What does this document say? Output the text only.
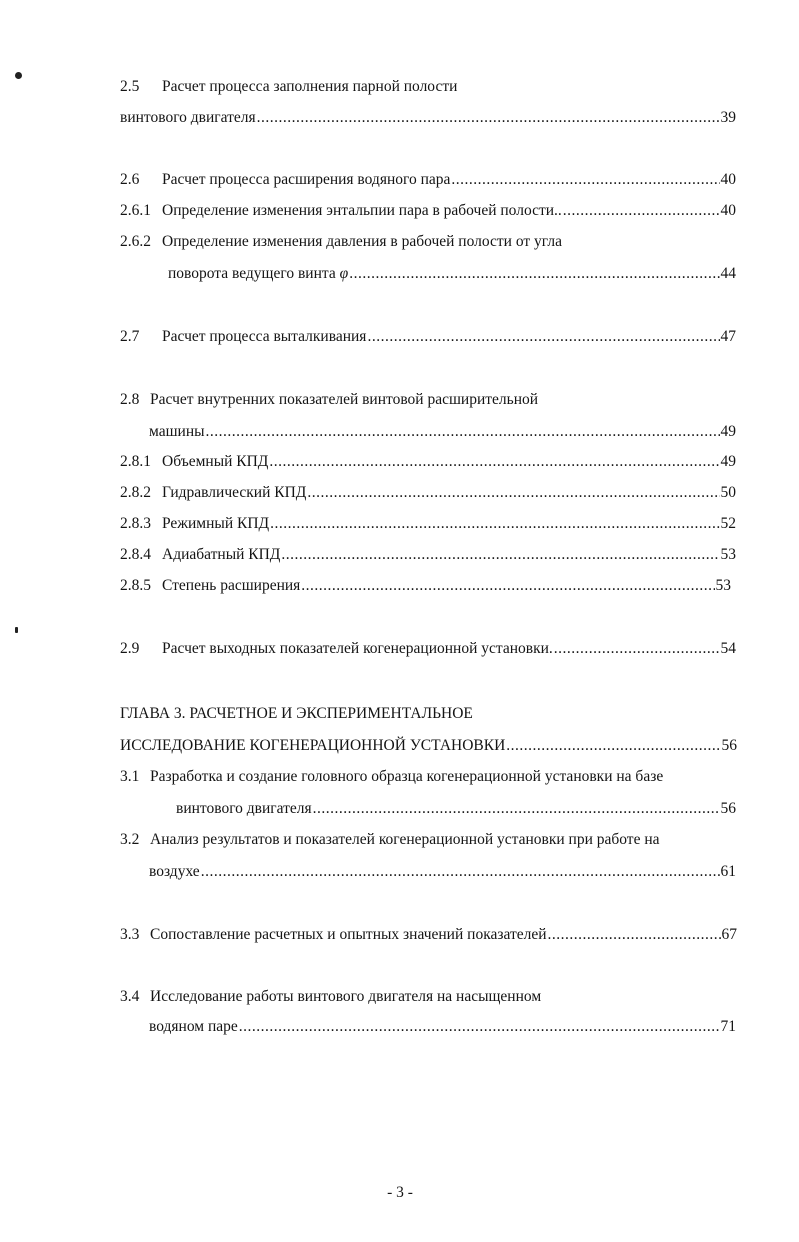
2.5 Расчет процесса заполнения парной полости
винтового двигателя .....	39
2.6 Расчет процесса расширения водяного пара .....	40
2.6.1 Определение изменения энтальпии пара в рабочей полости.. .....	40
2.6.2 Определение изменения давления в рабочей полости от угла
поворота ведущего винта φ .....	44
2.7 Расчет процесса выталкивания .....	47
2.8 Расчет внутренних показателей винтовой расширительной
машины .....	49
2.8.1 Объемный КПД .....	49
2.8.2 Гидравлический КПД .....	50
2.8.3 Режимный КПД .....	52
2.8.4 Адиабатный КПД .....	53
2.8.5 Степень расширения .....	53
2.9 Расчет выходных показателей когенерационной установки. .....	54
ГЛАВА 3. РАСЧЕТНОЕ И ЭКСПЕРИМЕНТАЛЬНОЕ
ИССЛЕДОВАНИЕ КОГЕНЕРАЦИОННОЙ УСТАНОВКИ .....	56
3.1 Разработка и создание головного образца когенерационной установки на базе
винтового двигателя .....	56
3.2 Анализ результатов и показателей когенерационной установки при работе на
воздухе .....	61
3.3 Сопоставление расчетных и опытных значений показателей .....	67
3.4 Исследование работы винтового двигателя на насыщенном
водяном паре .....	71
- 3 -
